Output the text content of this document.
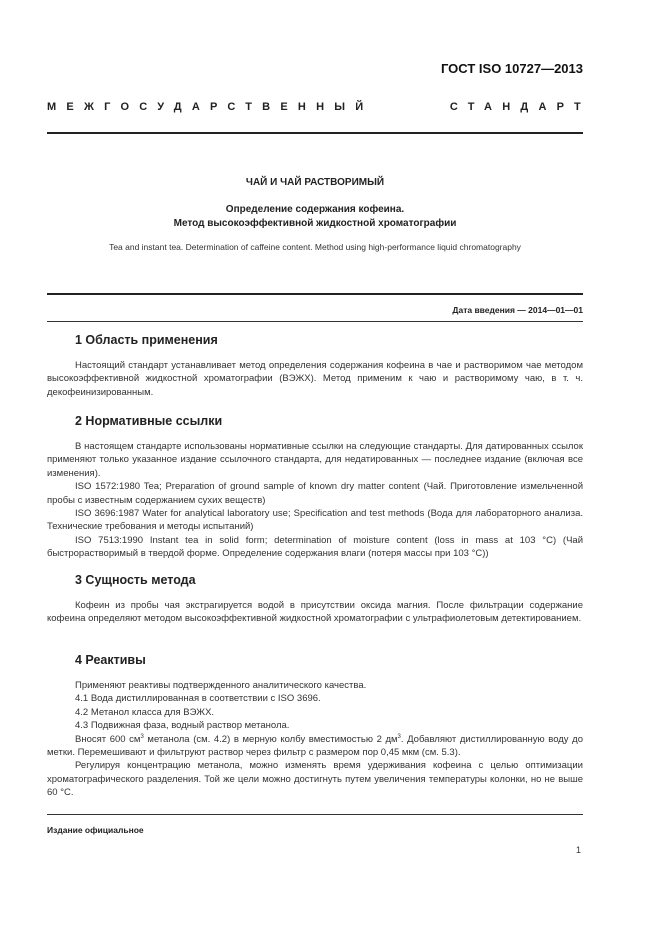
ГОСТ ISO 10727—2013
МЕЖГОСУДАРСТВЕННЫЙ	СТАНДАРТ
ЧАЙ И ЧАЙ РАСТВОРИМЫЙ
Определение содержания кофеина.
Метод высокоэффективной жидкостной хроматографии
Tea and instant tea. Determination of caffeine content. Method using high-performance liquid chromatography
Дата введения — 2014—01—01
1 Область применения

Настоящий стандарт устанавливает метод определения содержания кофеина в чае и растворимом чае методом высокоэффективной жидкостной хроматографии (ВЭЖХ). Метод применим к чаю и растворимому чаю, в т. ч. декофеинизированным.

2 Нормативные ссылки

В настоящем стандарте использованы нормативные ссылки на следующие стандарты. Для датированных ссылок применяют только указанное издание ссылочного стандарта, для недатированных — последнее издание (включая все изменения).

ISO 1572:1980 Tea; Preparation of ground sample of known dry matter content (Чай. Приготовление измельченной пробы с известным содержанием сухих веществ)

ISO 3696:1987 Water for analytical laboratory use; Specification and test methods (Вода для лабораторного анализа. Технические требования и методы испытаний)

ISO 7513:1990 Instant tea in solid form; determination of moisture content (loss in mass at 103 °C) (Чай быстрорастворимый в твердой форме. Определение содержания влаги (потеря массы при 103 °C))

3 Сущность метода

Кофеин из пробы чая экстрагируется водой в присутствии оксида магния. После фильтрации содержание кофеина определяют методом высокоэффективной жидкостной хроматографии с ультрафиолетовым детектированием.

4 Реактивы

Применяют реактивы подтвержденного аналитического качества.

4.1 Вода дистиллированная в соответствии с ISO 3696.

4.2 Метанол класса для ВЭЖХ.

4.3 Подвижная фаза, водный раствор метанола.

Вносят 600 $см^3$ метанола (см. 4.2) в мерную колбу вместимостью 2 $дм^3$. Добавляют дистиллированную воду до метки. Перемешивают и фильтруют раствор через фильтр с размером пор 0,45 мкм (см. 5.3).

Регулируя концентрацию метанола, можно изменять время удерживания кофеина с целью оптимизации хроматографического разделения. Той же цели можно достигнуть путем увеличения температуры колонки, но не выше 60 °C.

Издание официальное
1
